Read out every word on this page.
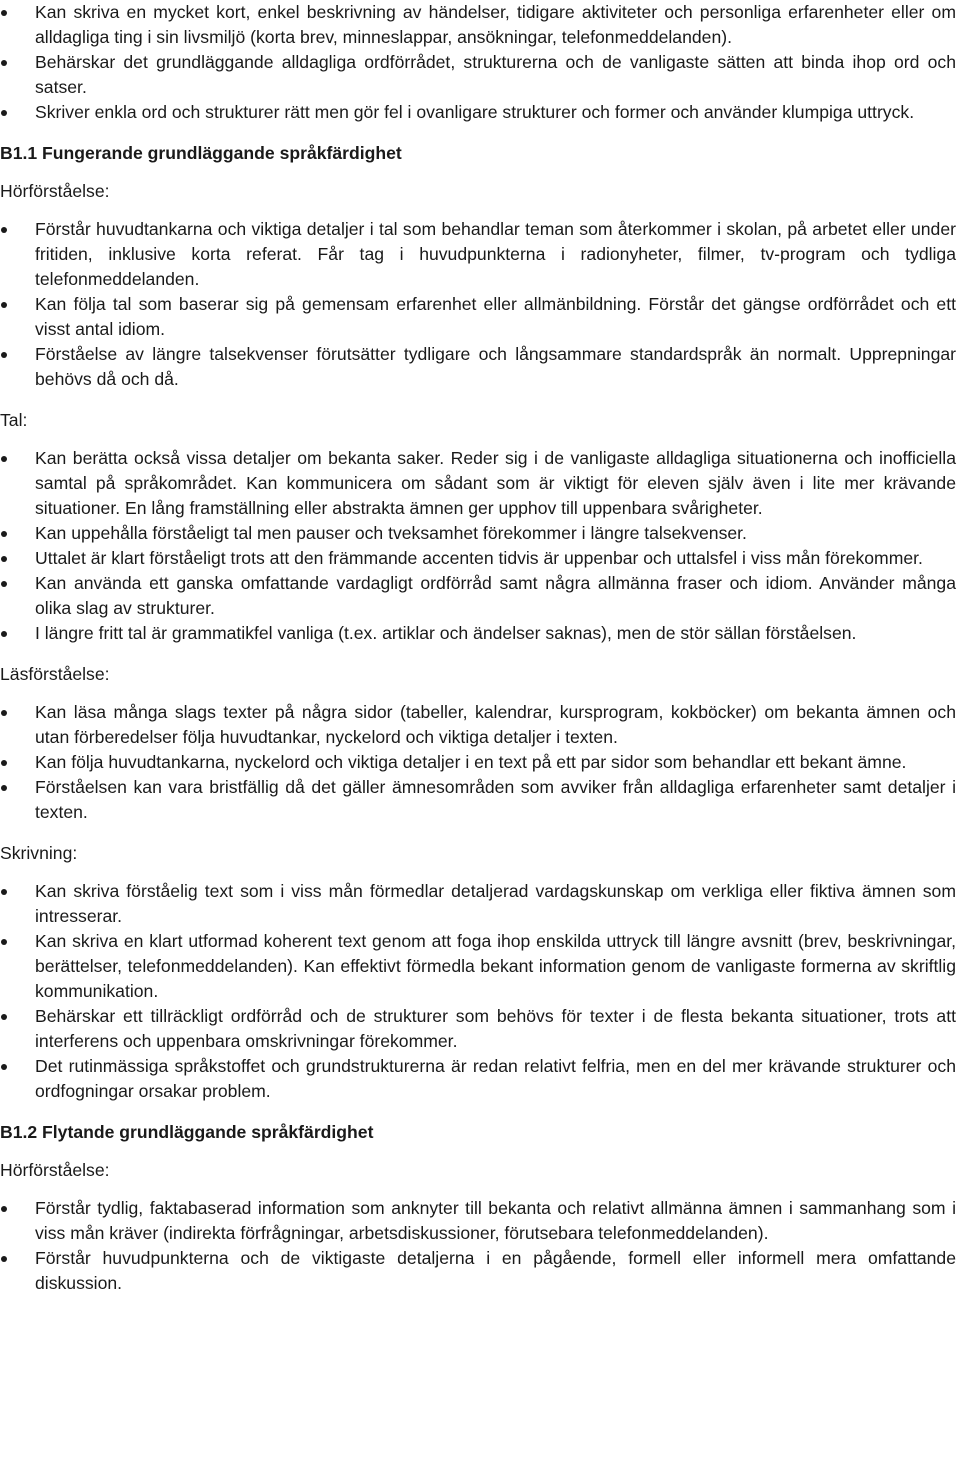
Kan skriva en mycket kort, enkel beskrivning av händelser, tidigare aktiviteter och personliga erfarenheter eller om alldagliga ting i sin livsmiljö (korta brev, minneslappar, ansökningar, telefonmeddelanden).
Behärskar det grundläggande alldagliga ordförrådet, strukturerna och de vanligaste sätten att binda ihop ord och satser.
Skriver enkla ord och strukturer rätt men gör fel i ovanligare strukturer och former och använder klumpiga uttryck.

B1.1 Fungerande grundläggande språkfärdighet

Hörförståelse:

Förstår huvudtankarna och viktiga detaljer i tal som behandlar teman som återkommer i skolan, på arbetet eller under fritiden, inklusive korta referat. Får tag i huvudpunkterna i radionyheter, filmer, tv-program och tydliga telefonmeddelanden.
Kan följa tal som baserar sig på gemensam erfarenhet eller allmänbildning. Förstår det gängse ordförrådet och ett visst antal idiom.
Förståelse av längre talsekvenser förutsätter tydligare och långsammare standardspråk än normalt. Upprepningar behövs då och då.

Tal:

Kan berätta också vissa detaljer om bekanta saker. Reder sig i de vanligaste alldagliga situationerna och inofficiella samtal på språkområdet. Kan kommunicera om sådant som är viktigt för eleven själv även i lite mer krävande situationer. En lång framställning eller abstrakta ämnen ger upphov till uppenbara svårigheter.
Kan uppehålla förståeligt tal men pauser och tveksamhet förekommer i längre talsekvenser.
Uttalet är klart förståeligt trots att den främmande accenten tidvis är uppenbar och uttalsfel i viss mån förekommer.
Kan använda ett ganska omfattande vardagligt ordförråd samt några allmänna fraser och idiom. Använder många olika slag av strukturer.
I längre fritt tal är grammatikfel vanliga (t.ex. artiklar och ändelser saknas), men de stör sällan förståelsen.

Läsförståelse:

Kan läsa många slags texter på några sidor (tabeller, kalendrar, kursprogram, kokböcker) om bekanta ämnen och utan förberedelser följa huvudtankar, nyckelord och viktiga detaljer i texten.
Kan följa huvudtankarna, nyckelord och viktiga detaljer i en text på ett par sidor som behandlar ett bekant ämne.
Förståelsen kan vara bristfällig då det gäller ämnesområden som avviker från alldagliga erfarenheter samt detaljer i texten.

Skrivning:

Kan skriva förståelig text som i viss mån förmedlar detaljerad vardagskunskap om verkliga eller fiktiva ämnen som intresserar.
Kan skriva en klart utformad koherent text genom att foga ihop enskilda uttryck till längre avsnitt (brev, beskrivningar, berättelser, telefonmeddelanden). Kan effektivt förmedla bekant information genom de vanligaste formerna av skriftlig kommunikation.
Behärskar ett tillräckligt ordförråd och de strukturer som behövs för texter i de flesta bekanta situationer, trots att interferens och uppenbara omskrivningar förekommer.
Det rutinmässiga språkstoffet och grundstrukturerna är redan relativt felfria, men en del mer krävande strukturer och ordfogningar orsakar problem.

B1.2 Flytande grundläggande språkfärdighet

Hörförståelse:

Förstår tydlig, faktabaserad information som anknyter till bekanta och relativt allmänna ämnen i sammanhang som i viss mån kräver (indirekta förfrågningar, arbetsdiskussioner, förutsebara telefonmeddelanden).
Förstår huvudpunkterna och de viktigaste detaljerna i en pågående, formell eller informell mera omfattande diskussion.
